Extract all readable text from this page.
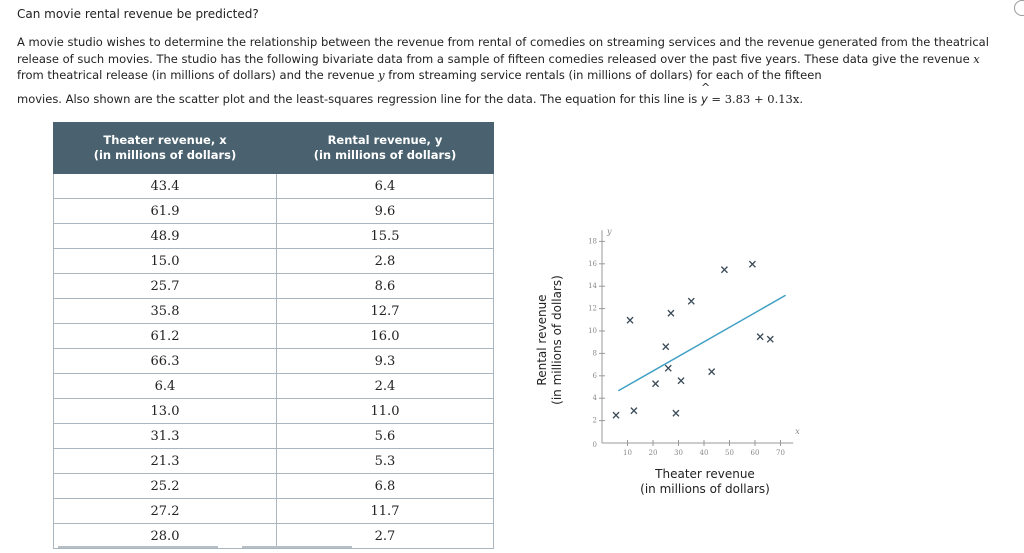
Can movie rental revenue be predicted?

A movie studio wishes to determine the relationship between the revenue from rental of comedies on streaming services and the revenue generated from the theatrical release of such movies. The studio has the following bivariate data from a sample of fifteen comedies released over the past five years. These data give the revenue x from theatrical release (in millions of dollars) and the revenue y from streaming service rentals (in millions of dollars) for each of the fifteen

movies. Also shown are the scatter plot and the least-squares regression line for the data. The equation for this line is ^ y = 3.83 + 0.13x.

Theater revenue, x
(in millions of dollars)	Rental revenue, y
(in millions of dollars)
43.4	6.4
61.9	9.6
48.9	15.5
15.0	2.8
25.7	8.6
35.8	12.7
61.2	16.0
66.3	9.3
6.4	2.4
13.0	11.0
31.3	5.6
21.3	5.3
25.2	6.8
27.2	11.7
28.0	2.7
Rental revenue
(in millions of dollars)
10 20 30 40 50 60 70
2
4
6
8
10
12
14
16
18
0
y
x
× ×
×
×
×
×
×
×
×
×
×
× ×
× ×
Theater revenue
(in millions of dollars)
